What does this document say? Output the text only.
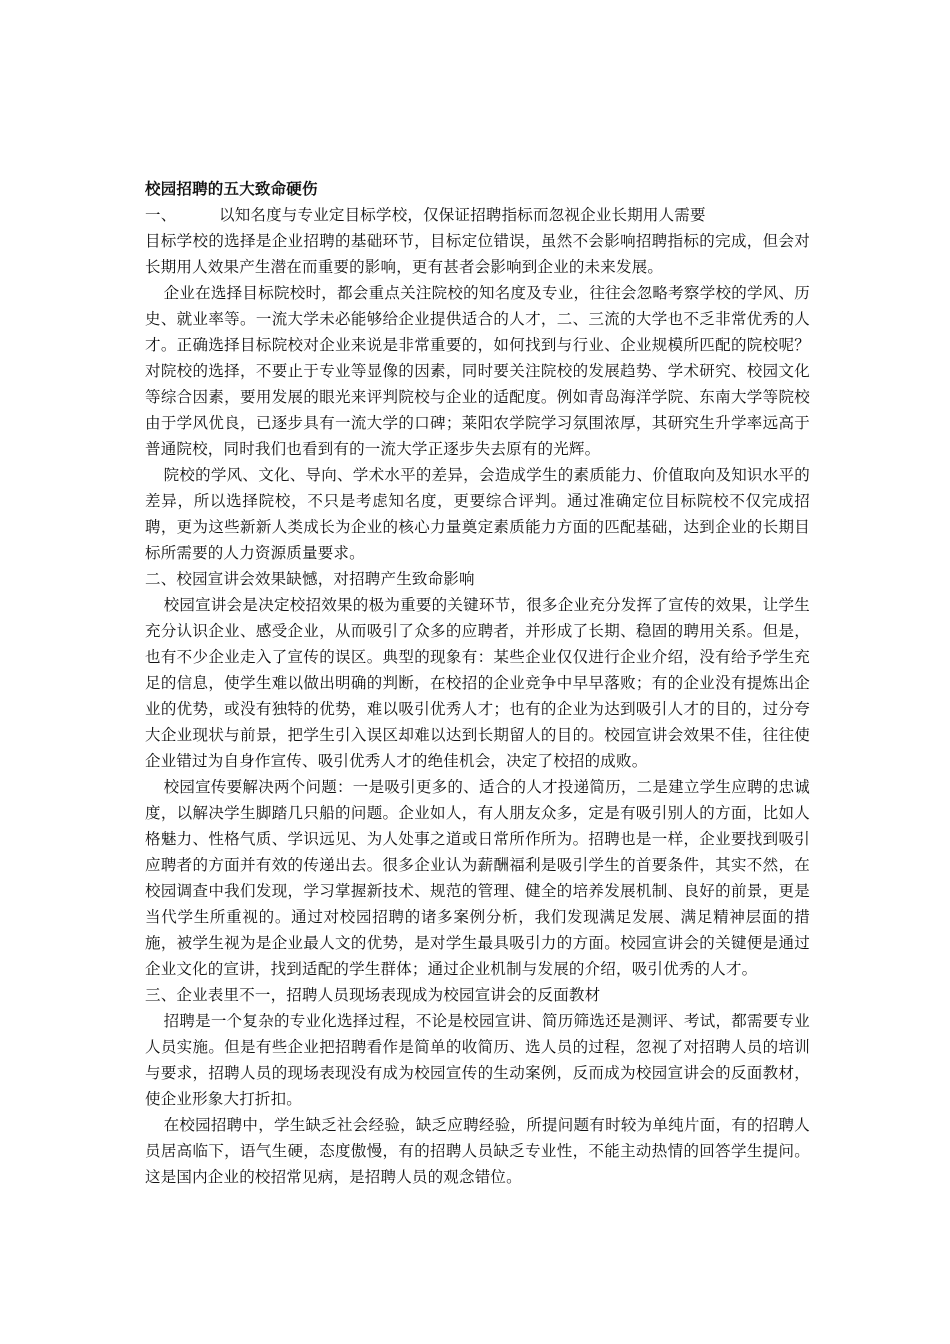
校园招聘的五大致命硬伤
一、	以知名度与专业定目标学校，仅保证招聘指标而忽视企业长期用人需要

目标学校的选择是企业招聘的基础环节，目标定位错误，虽然不会影响招聘指标的完成，但会对长期用人效果产生潜在而重要的影响，更有甚者会影响到企业的未来发展。

企业在选择目标院校时，都会重点关注院校的知名度及专业，往往会忽略考察学校的学风、历史、就业率等。一流大学未必能够给企业提供适合的人才，二、三流的大学也不乏非常优秀的人才。正确选择目标院校对企业来说是非常重要的，如何找到与行业、企业规模所匹配的院校呢？对院校的选择，不要止于专业等显像的因素，同时要关注院校的发展趋势、学术研究、校园文化等综合因素，要用发展的眼光来评判院校与企业的适配度。例如青岛海洋学院、东南大学等院校由于学风优良，已逐步具有一流大学的口碑；莱阳农学院学习氛围浓厚，其研究生升学率远高于普通院校，同时我们也看到有的一流大学正逐步失去原有的光辉。

院校的学风、文化、导向、学术水平的差异，会造成学生的素质能力、价值取向及知识水平的差异，所以选择院校，不只是考虑知名度，更要综合评判。通过准确定位目标院校不仅完成招聘，更为这些新新人类成长为企业的核心力量奠定素质能力方面的匹配基础，达到企业的长期目标所需要的人力资源质量要求。

二、校园宣讲会效果缺憾，对招聘产生致命影响

校园宣讲会是决定校招效果的极为重要的关键环节，很多企业充分发挥了宣传的效果，让学生充分认识企业、感受企业，从而吸引了众多的应聘者，并形成了长期、稳固的聘用关系。但是，也有不少企业走入了宣传的误区。典型的现象有：某些企业仅仅进行企业介绍，没有给予学生充足的信息，使学生难以做出明确的判断，在校招的企业竞争中早早落败；有的企业没有提炼出企业的优势，或没有独特的优势，难以吸引优秀人才；也有的企业为达到吸引人才的目的，过分夸大企业现状与前景，把学生引入误区却难以达到长期留人的目的。校园宣讲会效果不佳，往往使企业错过为自身作宣传、吸引优秀人才的绝佳机会，决定了校招的成败。

校园宣传要解决两个问题：一是吸引更多的、适合的人才投递简历，二是建立学生应聘的忠诚度，以解决学生脚踏几只船的问题。企业如人，有人朋友众多，定是有吸引别人的方面，比如人格魅力、性格气质、学识远见、为人处事之道或日常所作所为。招聘也是一样，企业要找到吸引应聘者的方面并有效的传递出去。很多企业认为薪酬福利是吸引学生的首要条件，其实不然，在校园调查中我们发现，学习掌握新技术、规范的管理、健全的培养发展机制、良好的前景，更是当代学生所重视的。通过对校园招聘的诸多案例分析，我们发现满足发展、满足精神层面的措施，被学生视为是企业最人文的优势，是对学生最具吸引力的方面。校园宣讲会的关键便是通过企业文化的宣讲，找到适配的学生群体；通过企业机制与发展的介绍，吸引优秀的人才。

三、企业表里不一，招聘人员现场表现成为校园宣讲会的反面教材

招聘是一个复杂的专业化选择过程，不论是校园宣讲、简历筛选还是测评、考试，都需要专业人员实施。但是有些企业把招聘看作是简单的收简历、选人员的过程，忽视了对招聘人员的培训与要求，招聘人员的现场表现没有成为校园宣传的生动案例，反而成为校园宣讲会的反面教材，使企业形象大打折扣。

在校园招聘中，学生缺乏社会经验，缺乏应聘经验，所提问题有时较为单纯片面，有的招聘人员居高临下，语气生硬，态度傲慢，有的招聘人员缺乏专业性，不能主动热情的回答学生提问。这是国内企业的校招常见病，是招聘人员的观念错位。
